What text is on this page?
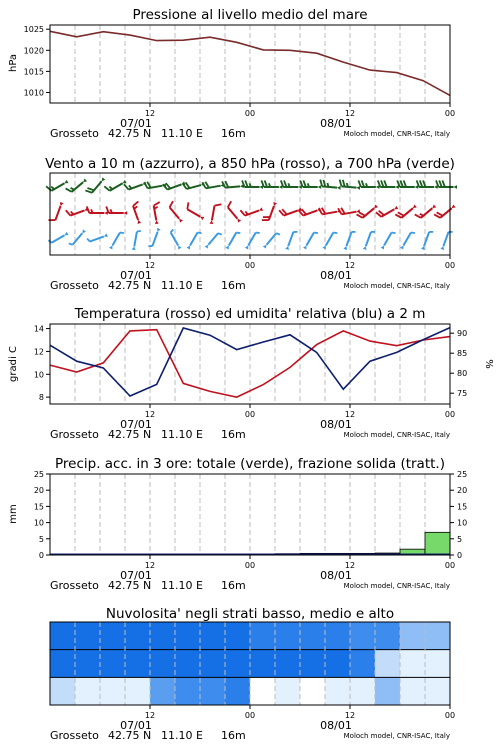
Pressione al livello medio del mare
hPa
1010
1015
1020
1025
12	00	12	00
07/01	08/01
Grosseto 42.75 N 11.10 E 16m	Moloch model, CNR-ISAC, Italy
Vento a 10 m (azzurro), a 850 hPa (rosso), a 700 hPa (verde)
12	00	12	00
07/01	08/01
Grosseto 42.75 N 11.10 E 16m	Moloch model, CNR-ISAC, Italy
Temperatura (rosso) ed umidita' relativa (blu) a 2 m
gradi C	%
8
10
12
14
75
80
85
90
12	00	12	00
07/01	08/01
Grosseto 42.75 N 11.10 E 16m	Moloch model, CNR-ISAC, Italy
Precip. acc. in 3 ore: totale (verde), frazione solida (tratt.)
mm
0
5
10
15
20
25
0
5
10
15
20
25
12	00	12	00
07/01	08/01
Grosseto 42.75 N 11.10 E 16m	Moloch model, CNR-ISAC, Italy
Nuvolosita' negli strati basso, medio e alto
12	00	12	00
07/01	08/01
Grosseto 42.75 N 11.10 E 16m	Moloch model, CNR-ISAC, Italy
